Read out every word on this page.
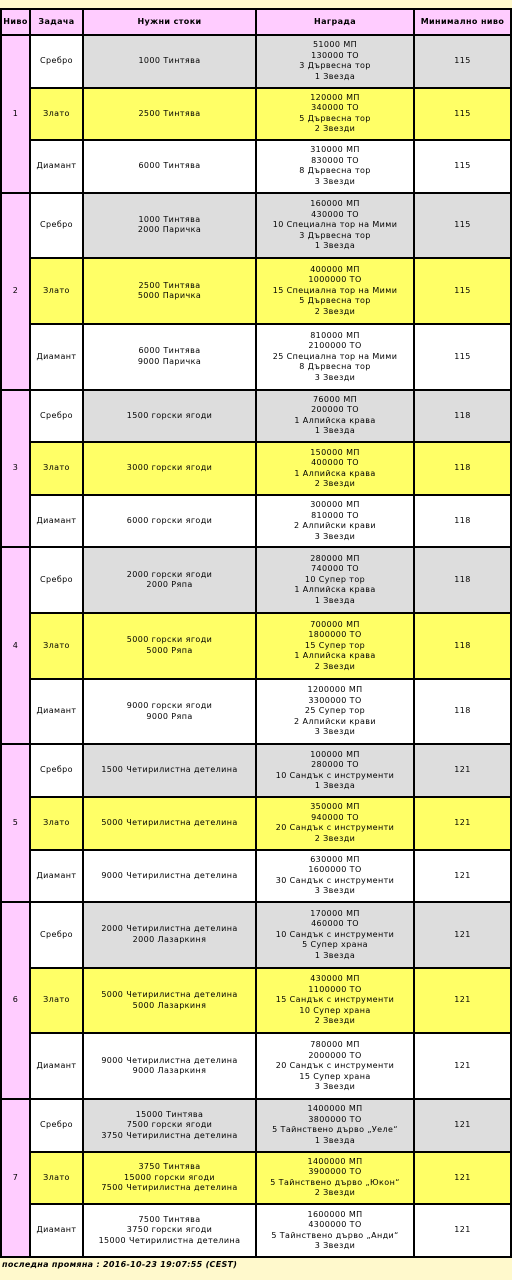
Ниво	Задача	Нужни стоки	Награда	Минимално ниво
1	Сребро	1000 Тинтява	51000 МП
130000 ТО
3 Дървесна тор
1 Звезда	115
	Злато	2500 Тинтява	120000 МП
340000 ТО
5 Дървесна тор
2 Звезди	115
	Диамант	6000 Тинтява	310000 МП
830000 ТО
8 Дървесна тор
3 Звезди	115
2	Сребро	1000 Тинтява
2000 Паричка	160000 МП
430000 ТО
10 Специална тор на Мими
3 Дървесна тор
1 Звезда	115
	Злато	2500 Тинтява
5000 Паричка	400000 МП
1000000 ТО
15 Специална тор на Мими
5 Дървесна тор
2 Звезди	115
	Диамант	6000 Тинтява
9000 Паричка	810000 МП
2100000 ТО
25 Специална тор на Мими
8 Дървесна тор
3 Звезди	115
3	Сребро	1500 горски ягоди	76000 МП
200000 ТО
1 Алпийска крава
1 Звезда	118
	Злато	3000 горски ягоди	150000 МП
400000 ТО
1 Алпийска крава
2 Звезди	118
	Диамант	6000 горски ягоди	300000 МП
810000 ТО
2 Алпийски крави
3 Звезди	118
4	Сребро	2000 горски ягоди
2000 Ряпа	280000 МП
740000 ТО
10 Супер тор
1 Алпийска крава
1 Звезда	118
	Злато	5000 горски ягоди
5000 Ряпа	700000 МП
1800000 ТО
15 Супер тор
1 Алпийска крава
2 Звезди	118
	Диамант	9000 горски ягоди
9000 Ряпа	1200000 МП
3300000 ТО
25 Супер тор
2 Алпийски крави
3 Звезди	118
5	Сребро	1500 Четирилистна детелина	100000 МП
280000 ТО
10 Сандък с инструменти
1 Звезда	121
	Злато	5000 Четирилистна детелина	350000 МП
940000 ТО
20 Сандък с инструменти
2 Звезди	121
	Диамант	9000 Четирилистна детелина	630000 МП
1600000 ТО
30 Сандък с инструменти
3 Звезди	121
6	Сребро	2000 Четирилистна детелина
2000 Лазаркиня	170000 МП
460000 ТО
10 Сандък с инструменти
5 Супер храна
1 Звезда	121
	Злато	5000 Четирилистна детелина
5000 Лазаркиня	430000 МП
1100000 ТО
15 Сандък с инструменти
10 Супер храна
2 Звезди	121
	Диамант	9000 Четирилистна детелина
9000 Лазаркиня	780000 МП
2000000 ТО
20 Сандък с инструменти
15 Супер храна
3 Звезди	121
7	Сребро	15000 Тинтява
7500 горски ягоди
3750 Четирилистна детелина	1400000 МП
3800000 ТО
5 Тайнствено дърво „Уеле“
1 Звезда	121
	Злато	3750 Тинтява
15000 горски ягоди
7500 Четирилистна детелина	1400000 МП
3900000 ТО
5 Тайнствено дърво „Юкон“
2 Звезди	121
	Диамант	7500 Тинтява
3750 горски ягоди
15000 Четирилистна детелина	1600000 МП
4300000 ТО
5 Тайнствено дърво „Анди“
3 Звезди	121
последна промяна : 2016-10-23 19:07:55 (CEST)
